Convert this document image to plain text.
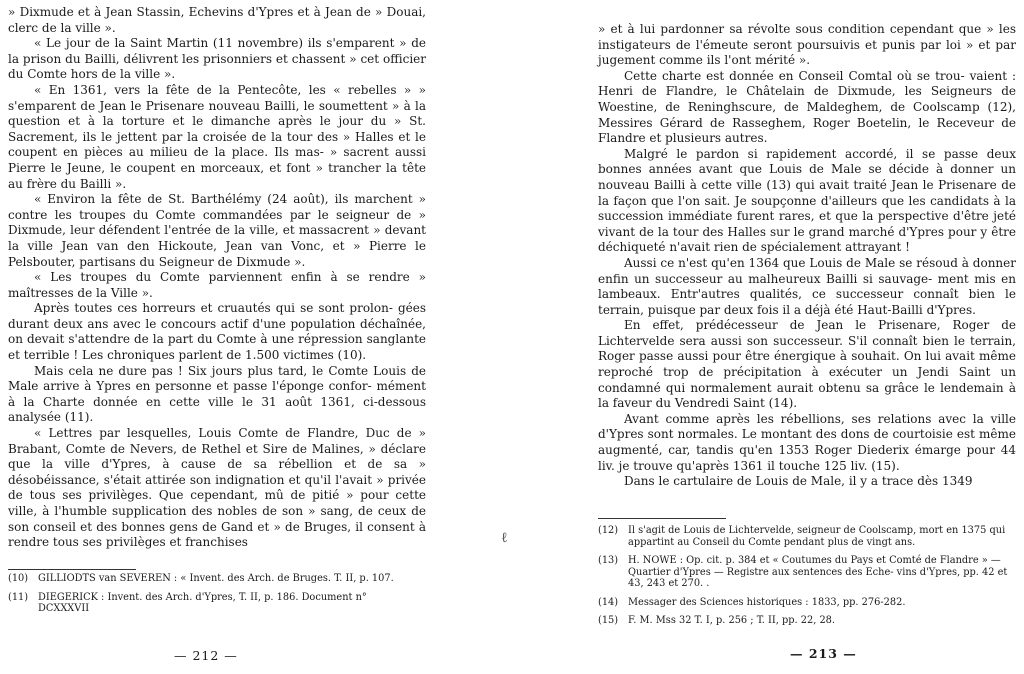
» Dixmude et à Jean Stassin, Echevins d'Ypres et à Jean de » Douai, clerc de la ville ».

« Le jour de la Saint Martin (11 novembre) ils s'emparent » de la prison du Bailli, délivrent les prisonniers et chassent » cet officier du Comte hors de la ville ».

« En 1361, vers la fête de la Pentecôte, les « rebelles » » s'emparent de Jean le Prisenare nouveau Bailli, le soumettent » à la question et à la torture et le dimanche après le jour du » St. Sacrement, ils le jettent par la croisée de la tour des » Halles et le coupent en pièces au milieu de la place. Ils mas- » sacrent aussi Pierre le Jeune, le coupent en morceaux, et font » trancher la tête au frère du Bailli ».

« Environ la fête de St. Barthélémy (24 août), ils marchent » contre les troupes du Comte commandées par le seigneur de » Dixmude, leur défendent l'entrée de la ville, et massacrent » devant la ville Jean van den Hickoute, Jean van Vonc, et » Pierre le Pelsbouter, partisans du Seigneur de Dixmude ».

« Les troupes du Comte parviennent enfin à se rendre » maîtresses de la Ville ».

Après toutes ces horreurs et cruautés qui se sont prolon- gées durant deux ans avec le concours actif d'une population déchaînée, on devait s'attendre de la part du Comte à une répression sanglante et terrible ! Les chroniques parlent de 1.500 victimes (10).

Mais cela ne dure pas ! Six jours plus tard, le Comte Louis de Male arrive à Ypres en personne et passe l'éponge confor- mément à la Charte donnée en cette ville le 31 août 1361, ci-dessous analysée (11).

« Lettres par lesquelles, Louis Comte de Flandre, Duc de » Brabant, Comte de Nevers, de Rethel et Sire de Malines, » déclare que la ville d'Ypres, à cause de sa rébellion et de sa » désobéissance, s'était attirée son indignation et qu'il l'avait » privée de tous ses privilèges. Que cependant, mû de pitié » pour cette ville, à l'humble supplication des nobles de son » sang, de ceux de son conseil et des bonnes gens de Gand et » de Bruges, il consent à rendre tous ses privilèges et franchises

(10) GILLIODTS van SEVEREN : « Invent. des Arch. de Bruges. T. II, p. 107.

(11) DIEGERICK : Invent. des Arch. d'Ypres, T. II, p. 186. Document n° DCXXXVII

— 212 —
ℓ

» et à lui pardonner sa révolte sous condition cependant que » les instigateurs de l'émeute seront poursuivis et punis par loi » et par jugement comme ils l'ont mérité ».

Cette charte est donnée en Conseil Comtal où se trou- vaient : Henri de Flandre, le Châtelain de Dixmude, les Seigneurs de Woestine, de Reninghscure, de Maldeghem, de Coolscamp (12), Messires Gérard de Rasseghem, Roger Boetelin, le Receveur de Flandre et plusieurs autres.

Malgré le pardon si rapidement accordé, il se passe deux bonnes années avant que Louis de Male se décide à donner un nouveau Bailli à cette ville (13) qui avait traité Jean le Prisenare de la façon que l'on sait. Je soupçonne d'ailleurs que les candidats à la succession immédiate furent rares, et que la perspective d'être jeté vivant de la tour des Halles sur le grand marché d'Ypres pour y être déchiqueté n'avait rien de spécialement attrayant !

Aussi ce n'est qu'en 1364 que Louis de Male se résoud à donner enfin un successeur au malheureux Bailli si sauvage- ment mis en lambeaux. Entr'autres qualités, ce successeur connaît bien le terrain, puisque par deux fois il a déjà été Haut-Bailli d'Ypres.

En effet, prédécesseur de Jean le Prisenare, Roger de Lichtervelde sera aussi son successeur. S'il connaît bien le terrain, Roger passe aussi pour être énergique à souhait. On lui avait même reproché trop de précipitation à exécuter un Jendi Saint un condamné qui normalement aurait obtenu sa grâce le lendemain à la faveur du Vendredi Saint (14).

Avant comme après les rébellions, ses relations avec la ville d'Ypres sont normales. Le montant des dons de courtoisie est même augmenté, car, tandis qu'en 1353 Roger Diederix émarge pour 44 liv. je trouve qu'après 1361 il touche 125 liv. (15).

Dans le cartulaire de Louis de Male, il y a trace dès 1349

(12) Il s'agit de Louis de Lichtervelde, seigneur de Coolscamp, mort en 1375 qui appartint au Conseil du Comte pendant plus de vingt ans.

(13) H. NOWE : Op. cit. p. 384 et « Coutumes du Pays et Comté de Flandre » — Quartier d'Ypres — Registre aux sentences des Eche- vins d'Ypres, pp. 42 et 43, 243 et 270. .

(14) Messager des Sciences historiques : 1833, pp. 276-282.

(15) F. M. Mss 32 T. I, p. 256 ; T. II, pp. 22, 28.

— 213 —
